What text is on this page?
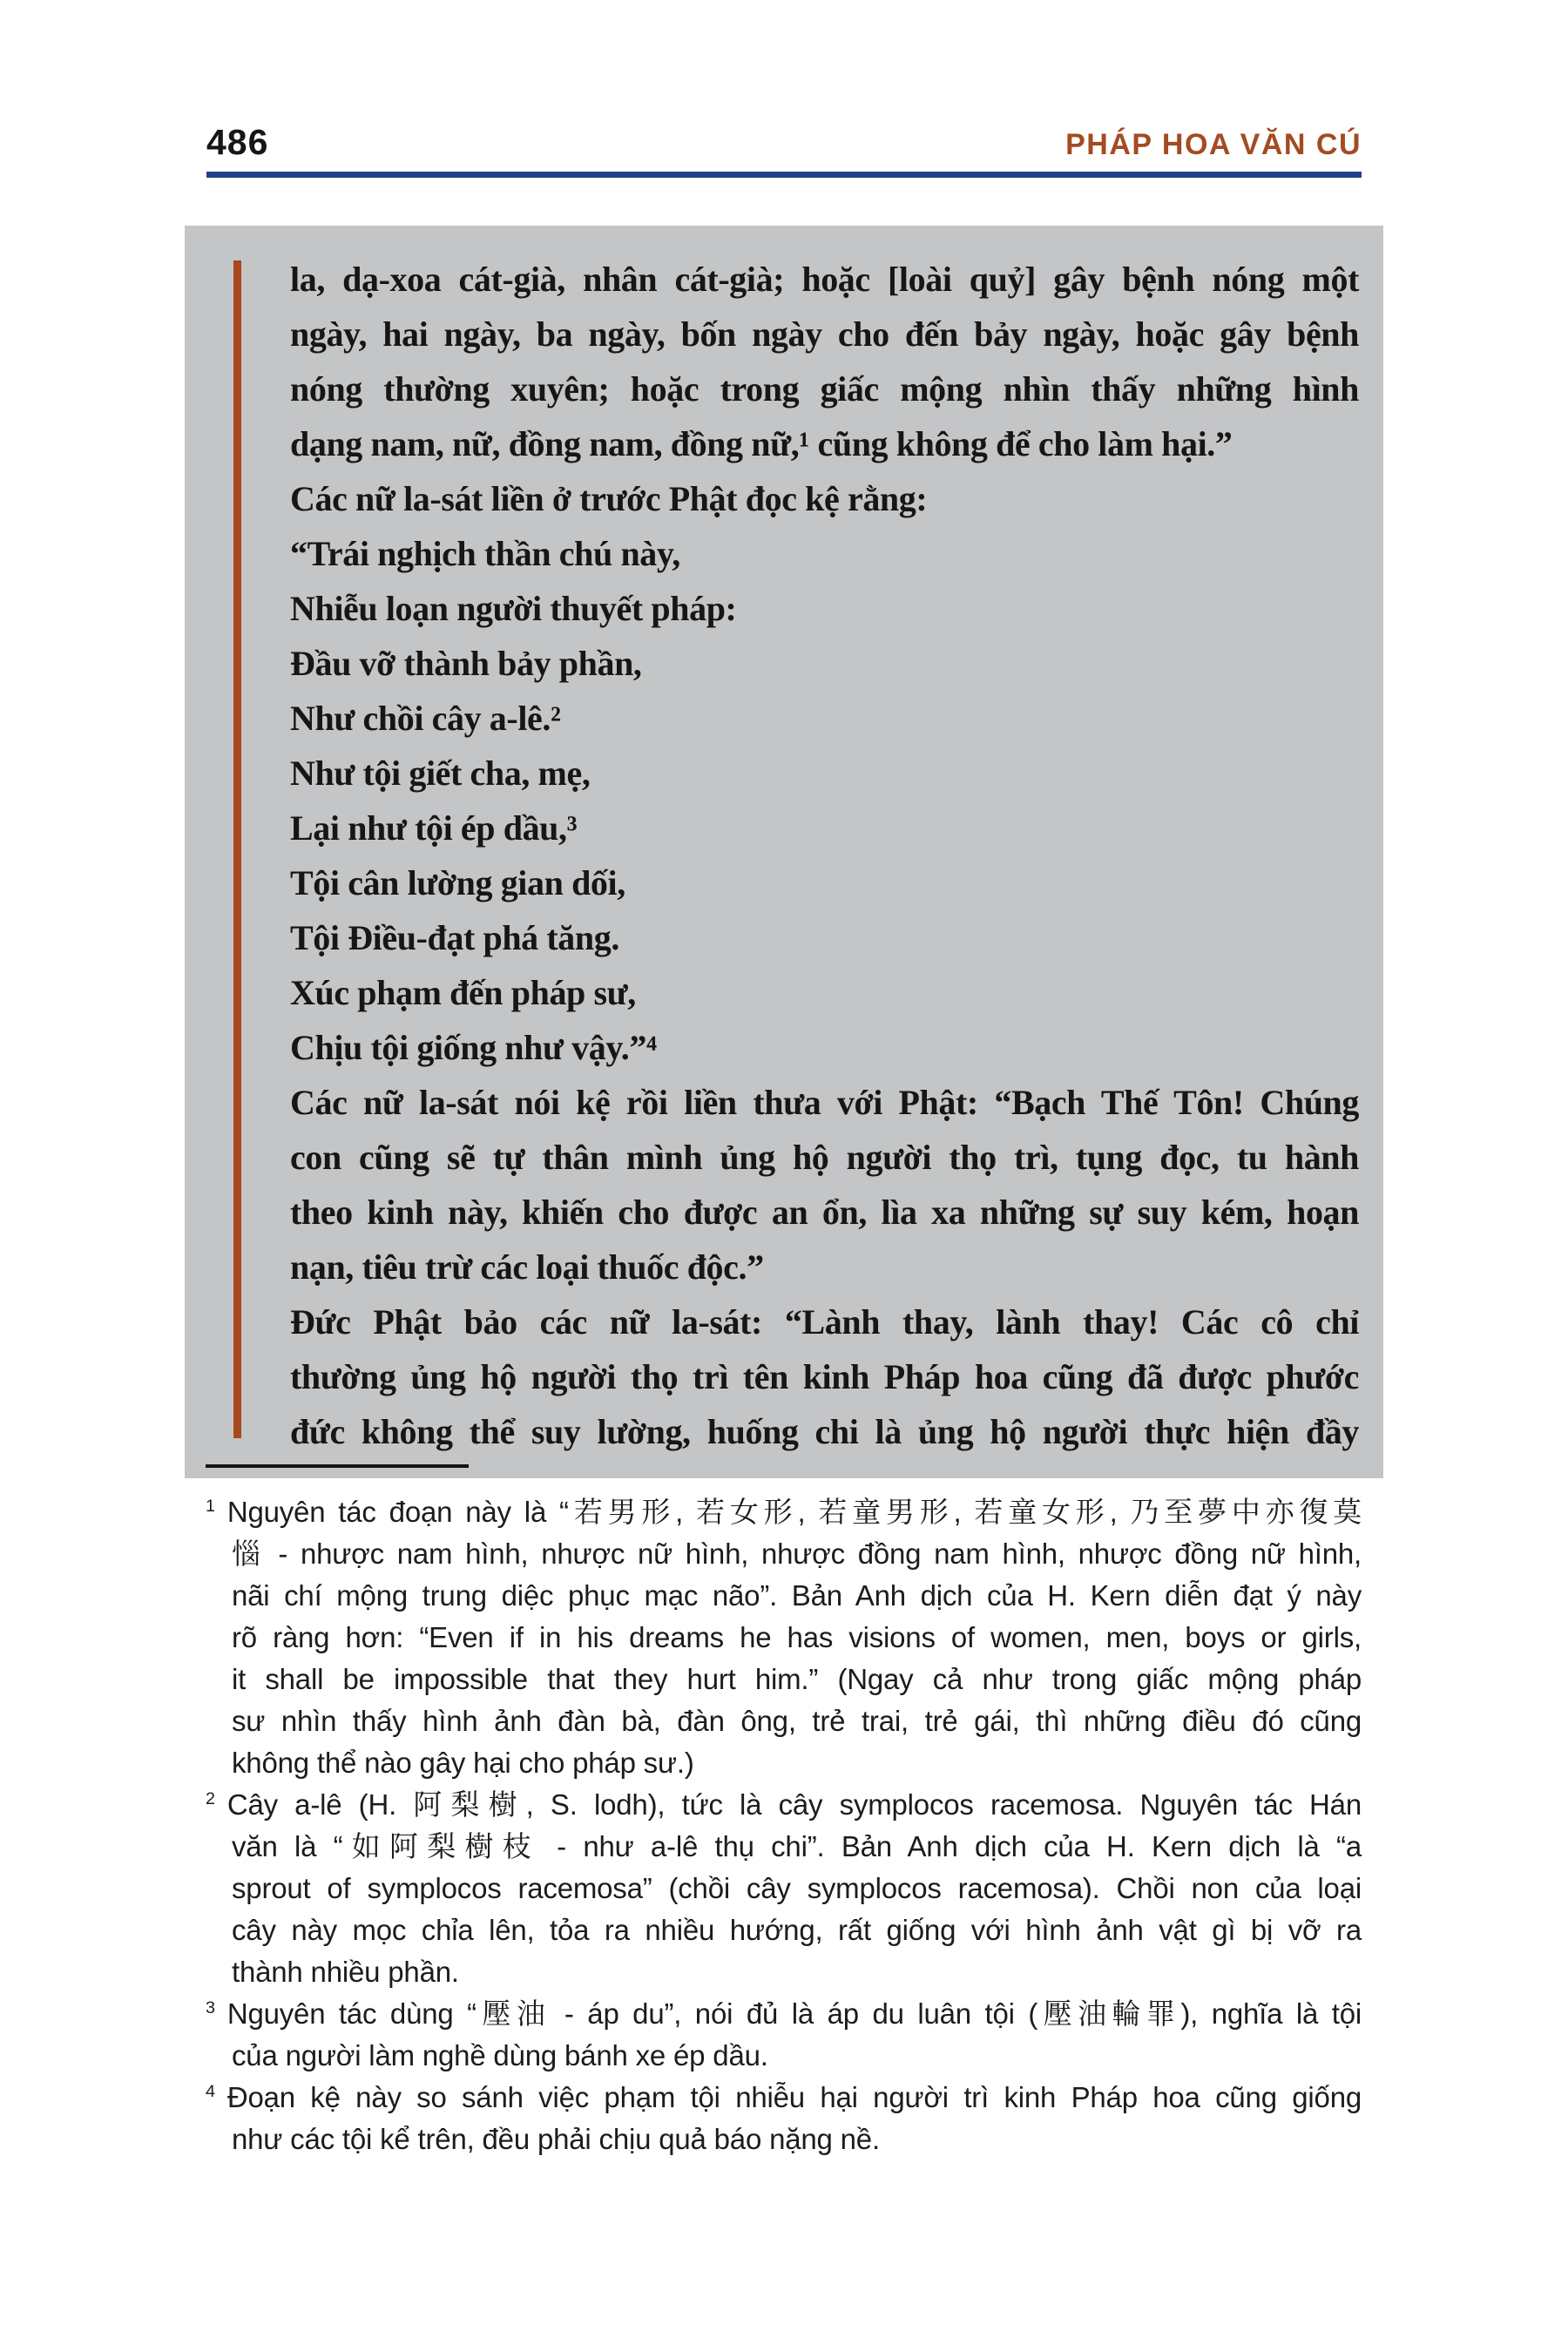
486	PHÁP HOA VĂN CÚ
la, dạ-xoa cát-già, nhân cát-già; hoặc [loài quỷ] gây bệnh nóng một
ngày, hai ngày, ba ngày, bốn ngày cho đến bảy ngày, hoặc gây bệnh
nóng thường xuyên; hoặc trong giấc mộng nhìn thấy những hình
dạng nam, nữ, đồng nam, đồng nữ,¹ cũng không để cho làm hại.”
Các nữ la-sát liền ở trước Phật đọc kệ rằng:
“Trái nghịch thần chú này,
Nhiễu loạn người thuyết pháp:
Đầu vỡ thành bảy phần,
Như chồi cây a-lê.²
Như tội giết cha, mẹ,
Lại như tội ép dầu,³
Tội cân lường gian dối,
Tội Điều-đạt phá tăng.
Xúc phạm đến pháp sư,
Chịu tội giống như vậy.”⁴
Các nữ la-sát nói kệ rồi liền thưa với Phật: “Bạch Thế Tôn! Chúng
con cũng sẽ tự thân mình ủng hộ người thọ trì, tụng đọc, tu hành
theo kinh này, khiến cho được an ổn, lìa xa những sự suy kém, hoạn
nạn, tiêu trừ các loại thuốc độc.”
Đức Phật bảo các nữ la-sát: “Lành thay, lành thay! Các cô chỉ
thường ủng hộ người thọ trì tên kinh Pháp hoa cũng đã được phước
đức không thể suy lường, huống chi là ủng hộ người thực hiện đầy
$^1$ Nguyên tác đoạn này là “若男形, 若女形, 若童男形, 若童女形, 乃至夢中亦復莫
惱 - nhược nam hình, nhược nữ hình, nhược đồng nam hình, nhược đồng nữ hình,
nãi chí mộng trung diệc phục mạc não”. Bản Anh dịch của H. Kern diễn đạt ý này
rõ ràng hơn: “Even if in his dreams he has visions of women, men, boys or girls,
it shall be impossible that they hurt him.” (Ngay cả như trong giấc mộng pháp
sư nhìn thấy hình ảnh đàn bà, đàn ông, trẻ trai, trẻ gái, thì những điều đó cũng
không thể nào gây hại cho pháp sư.)
$^2$ Cây a-lê (H. 阿梨樹, S. lodh), tức là cây symplocos racemosa. Nguyên tác Hán
văn là “如阿梨樹枝 - như a-lê thụ chi”. Bản Anh dịch của H. Kern dịch là “a
sprout of symplocos racemosa” (chồi cây symplocos racemosa). Chồi non của loại
cây này mọc chỉa lên, tỏa ra nhiều hướng, rất giống với hình ảnh vật gì bị vỡ ra
thành nhiều phần.
$^3$ Nguyên tác dùng “壓油 - áp du”, nói đủ là áp du luân tội (壓油輪罪), nghĩa là tội
của người làm nghề dùng bánh xe ép dầu.
$^4$ Đoạn kệ này so sánh việc phạm tội nhiễu hại người trì kinh Pháp hoa cũng giống
như các tội kể trên, đều phải chịu quả báo nặng nề.
